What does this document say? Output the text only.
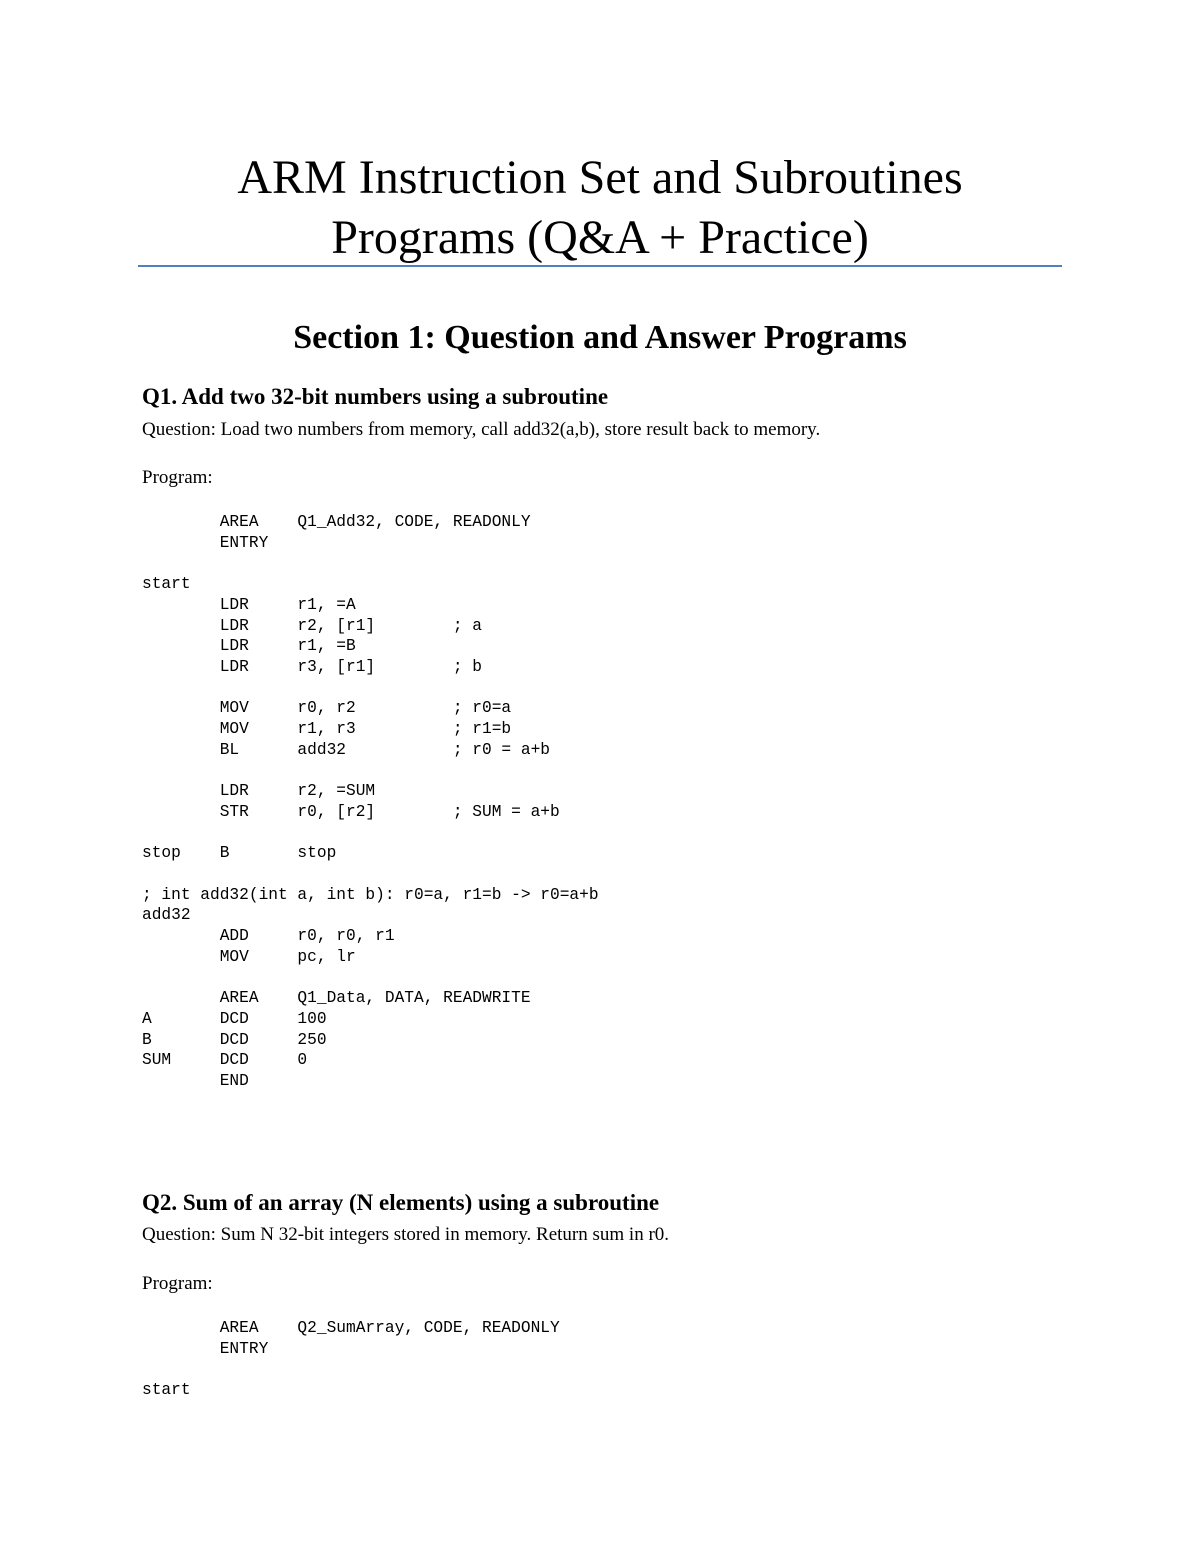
ARM Instruction Set and Subroutines
Programs (Q&A + Practice)
Section 1: Question and Answer Programs
Q1. Add two 32-bit numbers using a subroutine

Question: Load two numbers from memory, call add32(a,b), store result back to memory.

Program:

AREA    Q1_Add32, CODE, READONLY
ENTRY

start
LDR     r1, =A
LDR     r2, [r1]        ; a
LDR     r1, =B
LDR     r3, [r1]        ; b

MOV     r0, r2          ; r0=a
MOV     r1, r3          ; r1=b
BL      add32           ; r0 = a+b

LDR     r2, =SUM
STR     r0, [r2]        ; SUM = a+b

stop    B       stop

; int add32(int a, int b): r0=a, r1=b -> r0=a+b
add32
ADD     r0, r0, r1
MOV     pc, lr

AREA    Q1_Data, DATA, READWRITE
A       DCD     100
B       DCD     250
SUM     DCD     0
END
Q2. Sum of an array (N elements) using a subroutine

Question: Sum N 32-bit integers stored in memory. Return sum in r0.

Program:

AREA    Q2_SumArray, CODE, READONLY
ENTRY

start
